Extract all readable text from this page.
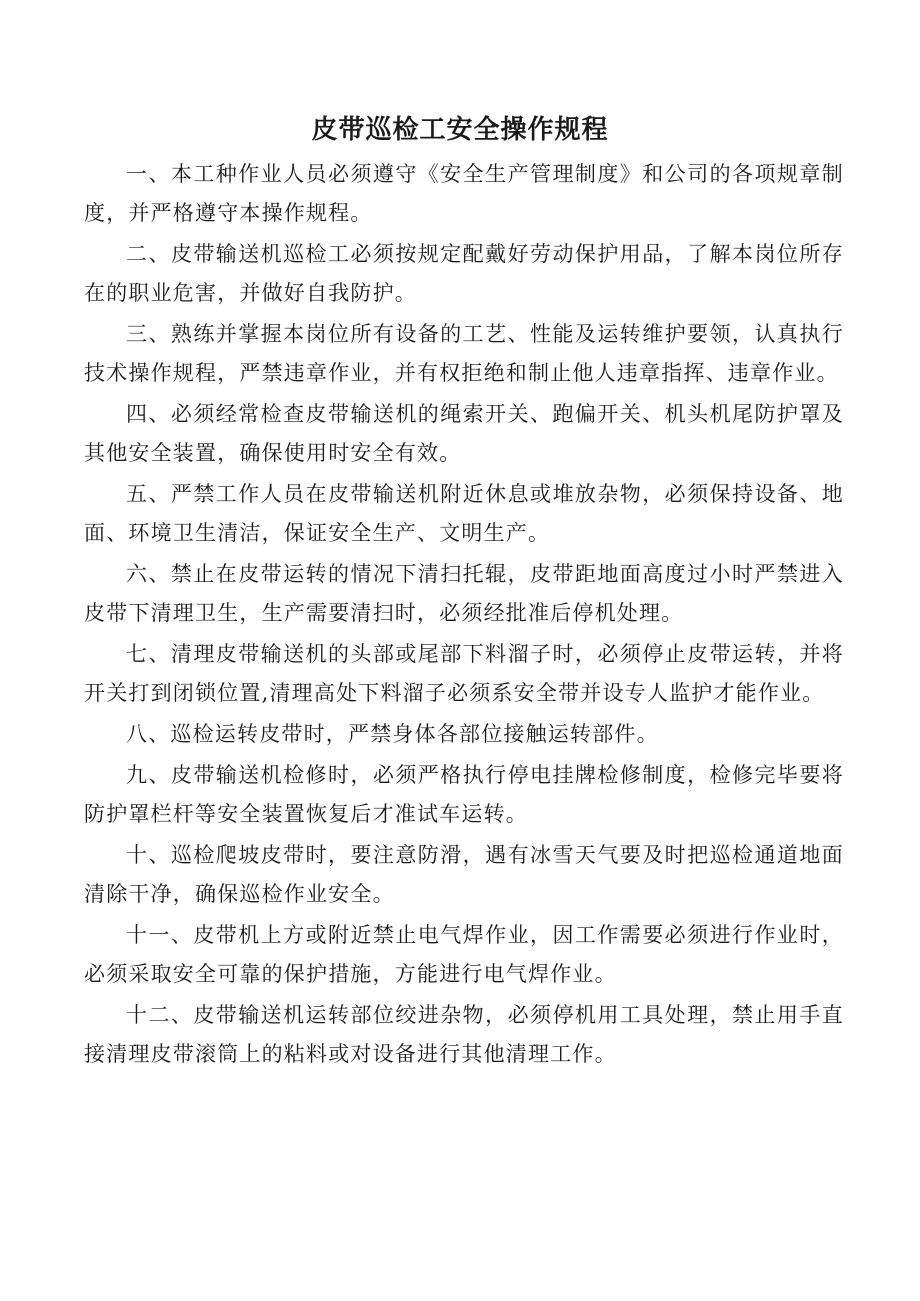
皮带巡检工安全操作规程

一、本工种作业人员必须遵守《安全生产管理制度》和公司的各项规章制度，并严格遵守本操作规程。

二、皮带输送机巡检工必须按规定配戴好劳动保护用品，了解本岗位所存在的职业危害，并做好自我防护。

三、熟练并掌握本岗位所有设备的工艺、性能及运转维护要领，认真执行技术操作规程，严禁违章作业，并有权拒绝和制止他人违章指挥、违章作业。

四、必须经常检查皮带输送机的绳索开关、跑偏开关、机头机尾防护罩及其他安全装置，确保使用时安全有效。

五、严禁工作人员在皮带输送机附近休息或堆放杂物，必须保持设备、地面、环境卫生清洁，保证安全生产、文明生产。

六、禁止在皮带运转的情况下清扫托辊，皮带距地面高度过小时严禁进入皮带下清理卫生，生产需要清扫时，必须经批准后停机处理。

七、清理皮带输送机的头部或尾部下料溜子时，必须停止皮带运转，并将开关打到闭锁位置,清理高处下料溜子必须系安全带并设专人监护才能作业。

八、巡检运转皮带时，严禁身体各部位接触运转部件。

九、皮带输送机检修时，必须严格执行停电挂牌检修制度，检修完毕要将防护罩栏杆等安全装置恢复后才准试车运转。

十、巡检爬坡皮带时，要注意防滑，遇有冰雪天气要及时把巡检通道地面清除干净，确保巡检作业安全。

十一、皮带机上方或附近禁止电气焊作业，因工作需要必须进行作业时，必须采取安全可靠的保护措施，方能进行电气焊作业。

十二、皮带输送机运转部位绞进杂物，必须停机用工具处理，禁止用手直接清理皮带滚筒上的粘料或对设备进行其他清理工作。
